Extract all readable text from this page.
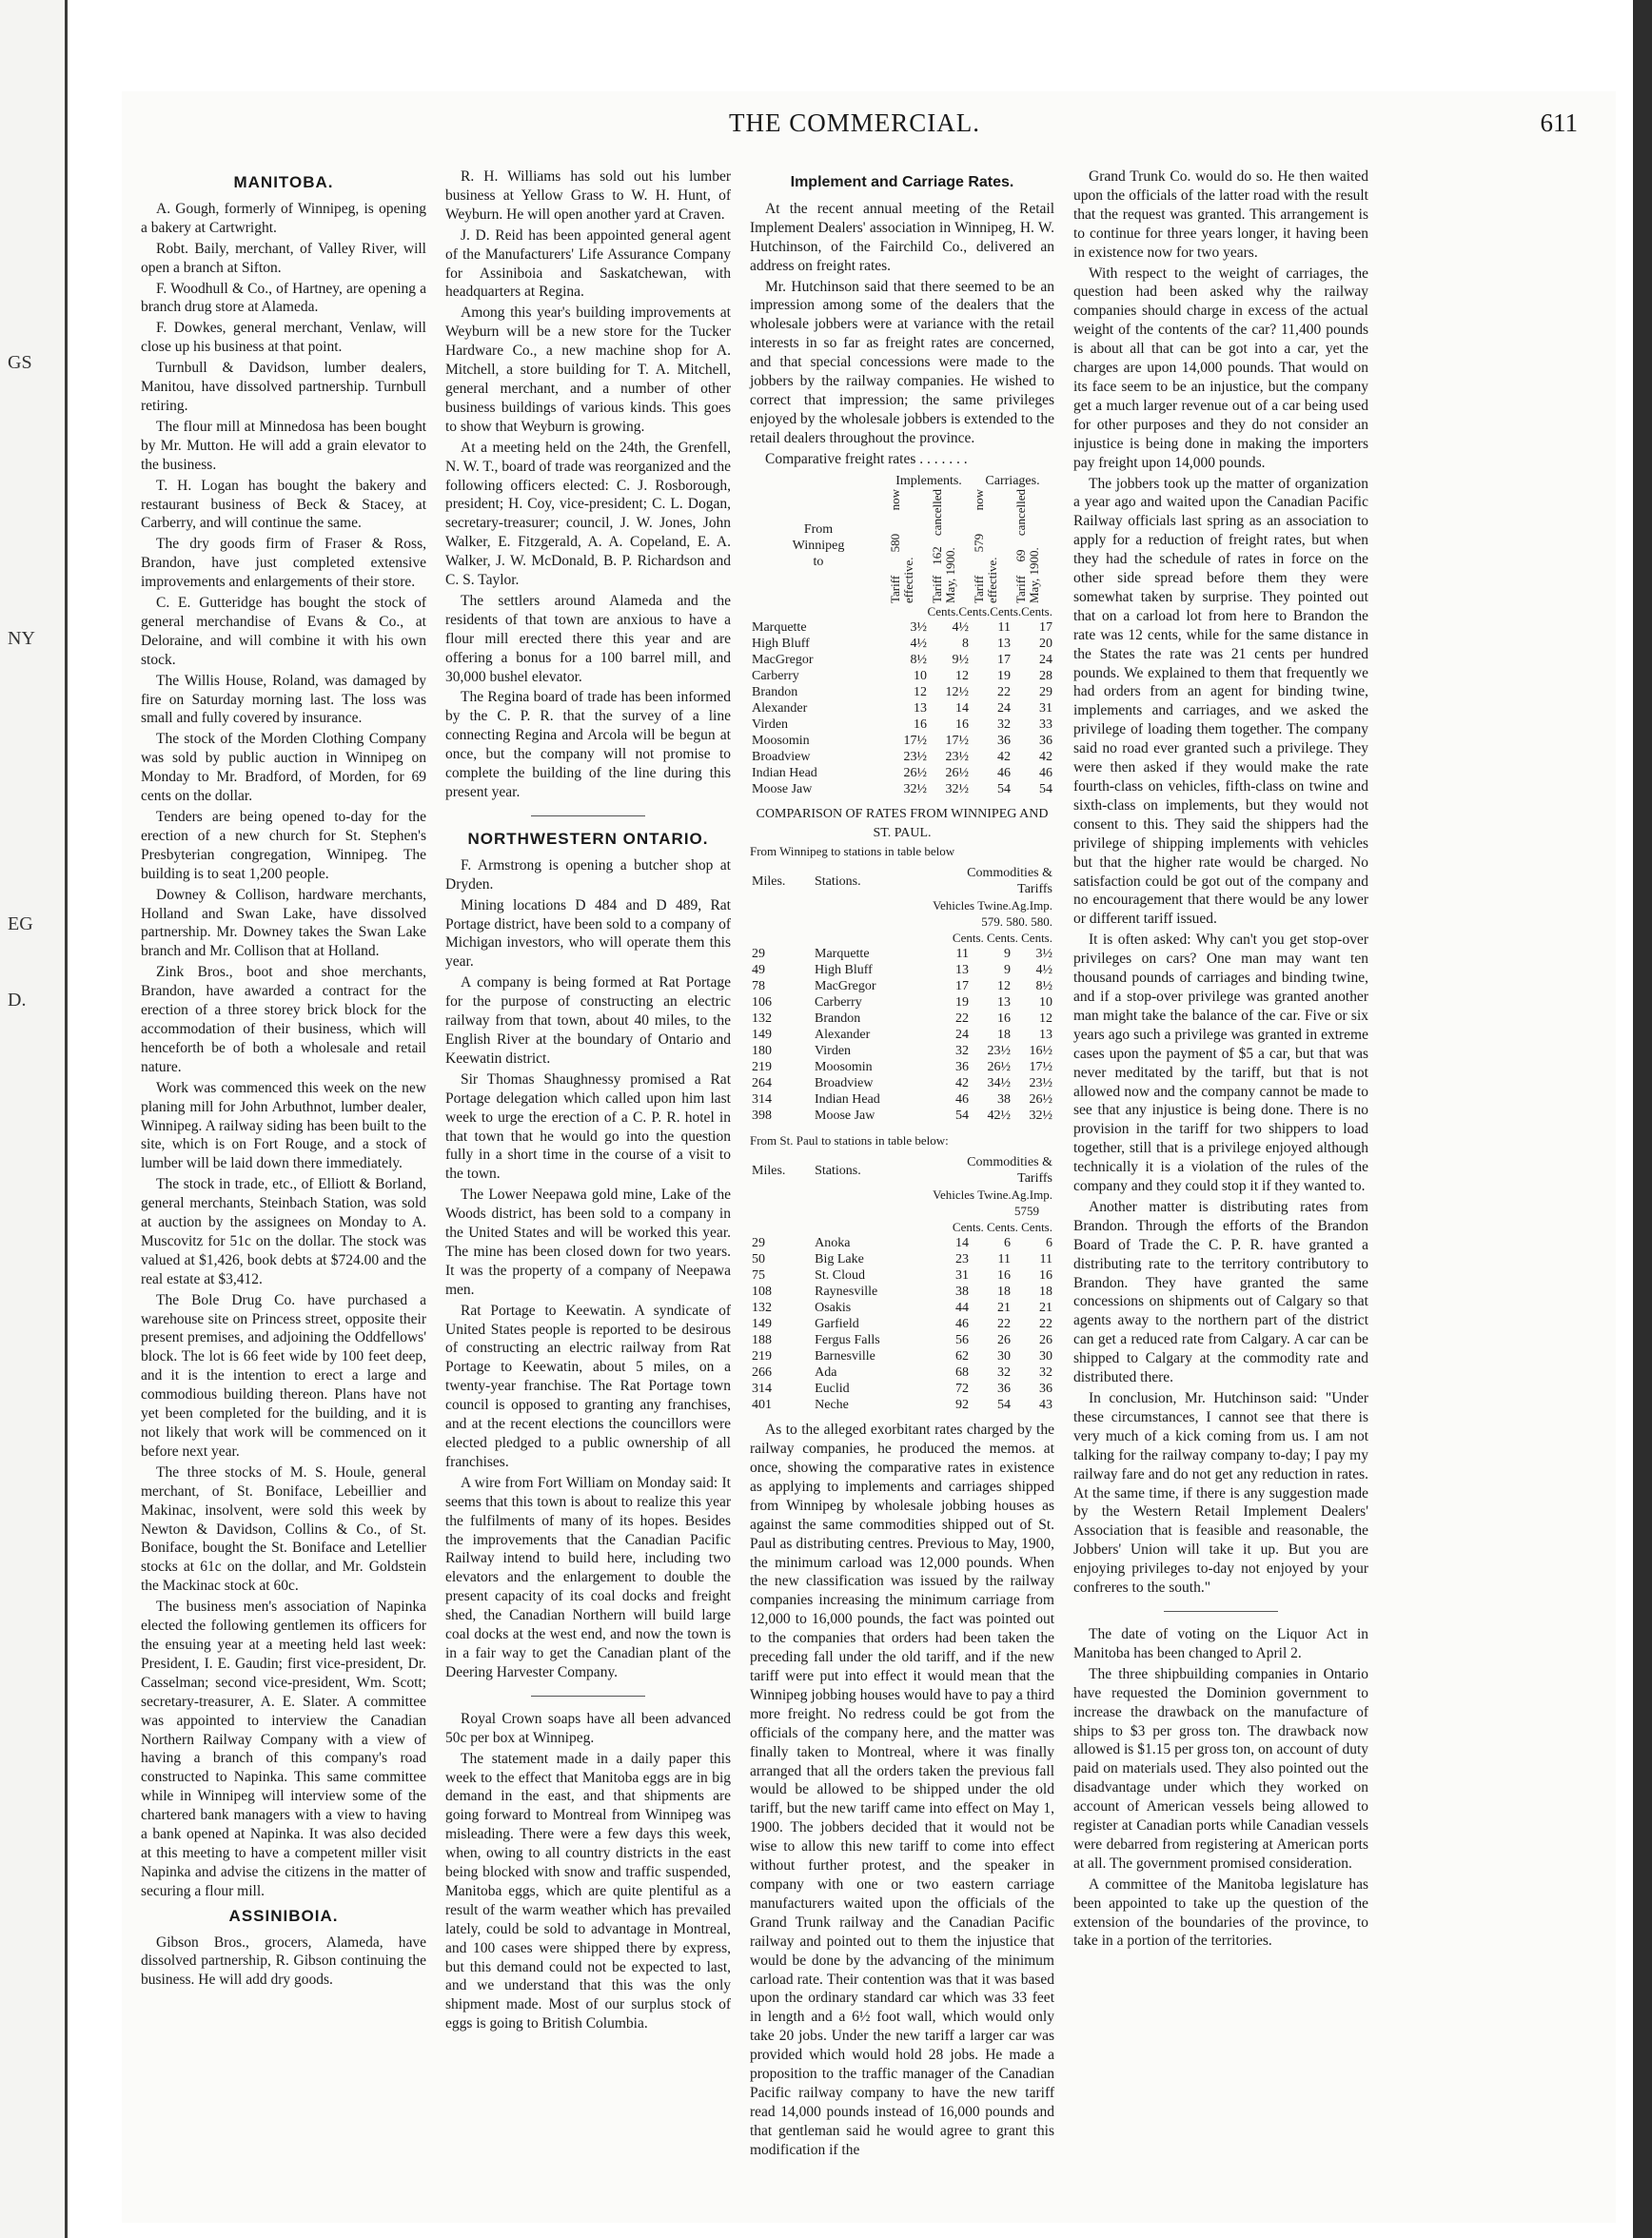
GS
NY
EG
D.
THE COMMERCIAL.	611
MANITOBA.

A. Gough, formerly of Winnipeg, is opening a bakery at Cartwright.

Robt. Baily, merchant, of Valley River, will open a branch at Sifton.

F. Woodhull & Co., of Hartney, are opening a branch drug store at Alameda.

F. Dowkes, general merchant, Venlaw, will close up his business at that point.

Turnbull & Davidson, lumber dealers, Manitou, have dissolved partnership. Turnbull retiring.

The flour mill at Minnedosa has been bought by Mr. Mutton. He will add a grain elevator to the business.

T. H. Logan has bought the bakery and restaurant business of Beck & Stacey, at Carberry, and will continue the same.

The dry goods firm of Fraser & Ross, Brandon, have just completed extensive improvements and enlargements of their store.

C. E. Gutteridge has bought the stock of general merchandise of Evans & Co., at Deloraine, and will combine it with his own stock.

The Willis House, Roland, was damaged by fire on Saturday morning last. The loss was small and fully covered by insurance.

The stock of the Morden Clothing Company was sold by public auction in Winnipeg on Monday to Mr. Bradford, of Morden, for 69 cents on the dollar.

Tenders are being opened to-day for the erection of a new church for St. Stephen's Presbyterian congregation, Winnipeg. The building is to seat 1,200 people.

Downey & Collison, hardware merchants, Holland and Swan Lake, have dissolved partnership. Mr. Downey takes the Swan Lake branch and Mr. Collison that at Holland.

Zink Bros., boot and shoe merchants, Brandon, have awarded a contract for the erection of a three storey brick block for the accommodation of their business, which will henceforth be of both a wholesale and retail nature.

Work was commenced this week on the new planing mill for John Arbuthnot, lumber dealer, Winnipeg. A railway siding has been built to the site, which is on Fort Rouge, and a stock of lumber will be laid down there immediately.

The stock in trade, etc., of Elliott & Borland, general merchants, Steinbach Station, was sold at auction by the assignees on Monday to A. Muscovitz for 51c on the dollar. The stock was valued at $1,426, book debts at $724.00 and the real estate at $3,412.

The Bole Drug Co. have purchased a warehouse site on Princess street, opposite their present premises, and adjoining the Oddfellows' block. The lot is 66 feet wide by 100 feet deep, and it is the intention to erect a large and commodious building thereon. Plans have not yet been completed for the building, and it is not likely that work will be commenced on it before next year.

The three stocks of M. S. Houle, general merchant, of St. Boniface, Lebeillier and Makinac, insolvent, were sold this week by Newton & Davidson, Collins & Co., of St. Boniface, bought the St. Boniface and Letellier stocks at 61c on the dollar, and Mr. Goldstein the Mackinac stock at 60c.

The business men's association of Napinka elected the following gentlemen its officers for the ensuing year at a meeting held last week: President, I. E. Gaudin; first vice-president, Dr. Casselman; second vice-president, Wm. Scott; secretary-treasurer, A. E. Slater. A committee was appointed to interview the Canadian Northern Railway Company with a view of having a branch of this company's road constructed to Napinka. This same committee while in Winnipeg will interview some of the chartered bank managers with a view to having a bank opened at Napinka. It was also decided at this meeting to have a competent miller visit Napinka and advise the citizens in the matter of securing a flour mill.

ASSINIBOIA.

Gibson Bros., grocers, Alameda, have dissolved partnership, R. Gibson continuing the business. He will add dry goods.

R. H. Williams has sold out his lumber business at Yellow Grass to W. H. Hunt, of Weyburn. He will open another yard at Craven.

J. D. Reid has been appointed general agent of the Manufacturers' Life Assurance Company for Assiniboia and Saskatchewan, with headquarters at Regina.

Among this year's building improvements at Weyburn will be a new store for the Tucker Hardware Co., a new machine shop for A. Mitchell, a store building for T. A. Mitchell, general merchant, and a number of other business buildings of various kinds. This goes to show that Weyburn is growing.

At a meeting held on the 24th, the Grenfell, N. W. T., board of trade was reorganized and the following officers elected: C. J. Rosborough, president; H. Coy, vice-president; C. L. Dogan, secretary-treasurer; council, J. W. Jones, John Walker, E. Fitzgerald, A. A. Copeland, E. A. Walker, J. W. McDonald, B. P. Richardson and C. S. Taylor.

The settlers around Alameda and the residents of that town are anxious to have a flour mill erected there this year and are offering a bonus for a 100 barrel mill, and 30,000 bushel elevator.

The Regina board of trade has been informed by the C. P. R. that the survey of a line connecting Regina and Arcola will be begun at once, but the company will not promise to complete the building of the line during this present year.

NORTHWESTERN ONTARIO.

F. Armstrong is opening a butcher shop at Dryden.

Mining locations D 484 and D 489, Rat Portage district, have been sold to a company of Michigan investors, who will operate them this year.

A company is being formed at Rat Portage for the purpose of constructing an electric railway from that town, about 40 miles, to the English River at the boundary of Ontario and Keewatin district.

Sir Thomas Shaughnessy promised a Rat Portage delegation which called upon him last week to urge the erection of a C. P. R. hotel in that town that he would go into the question fully in a short time in the course of a visit to the town.

The Lower Neepawa gold mine, Lake of the Woods district, has been sold to a company in the United States and will be worked this year. The mine has been closed down for two years. It was the property of a company of Neepawa men.

Rat Portage to Keewatin. A syndicate of United States people is reported to be desirous of constructing an electric railway from Rat Portage to Keewatin, about 5 miles, on a twenty-year franchise. The Rat Portage town council is opposed to granting any franchises, and at the recent elections the councillors were elected pledged to a public ownership of all franchises.

A wire from Fort William on Monday said: It seems that this town is about to realize this year the fulfilments of many of its hopes. Besides the improvements that the Canadian Pacific Railway intend to build here, including two elevators and the enlargement to double the present capacity of its coal docks and freight shed, the Canadian Northern will build large coal docks at the west end, and now the town is in a fair way to get the Canadian plant of the Deering Harvester Company.

Royal Crown soaps have all been advanced 50c per box at Winnipeg.

The statement made in a daily paper this week to the effect that Manitoba eggs are in big demand in the east, and that shipments are going forward to Montreal from Winnipeg was misleading. There were a few days this week, when, owing to all country districts in the east being blocked with snow and traffic suspended, Manitoba eggs, which are quite plentiful as a result of the warm weather which has prevailed lately, could be sold to advantage in Montreal, and 100 cases were shipped there by express, but this demand could not be expected to last, and we understand that this was the only shipment made. Most of our surplus stock of eggs is going to British Columbia.

Implement and Carriage Rates.

At the recent annual meeting of the Retail Implement Dealers' association in Winnipeg, H. W. Hutchinson, of the Fairchild Co., delivered an address on freight rates.

Mr. Hutchinson said that there seemed to be an impression among some of the dealers that the wholesale jobbers were at variance with the retail interests in so far as freight rates are concerned, and that special concessions were made to the jobbers by the railway companies. He wished to correct that impression; the same privileges enjoyed by the wholesale jobbers is extended to the retail dealers throughout the province.

Comparative freight rates . . . . . . .

	Implements.		Carriages.	

From
Winnipeg
to	Tariff 580 now effective.	Tariff 162 cancelled May, 1900.	Tariff 579 now effective.	Tariff 69 cancelled May, 1900.

	Cents.Cents.Cents.Cents.			
Marquette	3½	4½	11	17
High Bluff	4½	8	13	20
MacGregor	8½	9½	17	24
Carberry	10	12	19	28
Brandon	12	12½	22	29
Alexander	13	14	24	31
Virden	16	16	32	33
Moosomin	17½	17½	36	36
Broadview	23½	23½	42	42
Indian Head	26½	26½	46	46
Moose Jaw	32½	32½	54	54
COMPARISON OF RATES FROM WINNIPEG AND ST. PAUL.
From Winnipeg to stations in table below
Miles.	Stations.	Commodities & Tariffs		
		Vehicles Twine.Ag.Imp.		
		579. 580. 580.		
		Cents. Cents. Cents.		
29	Marquette	11	9	3½
49	High Bluff	13	9	4½
78	MacGregor	17	12	8½
106	Carberry	19	13	10
132	Brandon	22	16	12
149	Alexander	24	18	13
180	Virden	32	23½	16½
219	Moosomin	36	26½	17½
264	Broadview	42	34½	23½
314	Indian Head	46	38	26½
398	Moose Jaw	54	42½	32½
From St. Paul to stations in table below:
Miles.	Stations.	Commodities & Tariffs		
		Vehicles Twine.Ag.Imp.		
		5759		
		Cents. Cents. Cents.		
29	Anoka	14	6	6
50	Big Lake	23	11	11
75	St. Cloud	31	16	16
108	Raynesville	38	18	18
132	Osakis	44	21	21
149	Garfield	46	22	22
188	Fergus Falls	56	26	26
219	Barnesville	62	30	30
266	Ada	68	32	32
314	Euclid	72	36	36
401	Neche	92	54	43

As to the alleged exorbitant rates charged by the railway companies, he produced the memos. at once, showing the comparative rates in existence as applying to implements and carriages shipped from Winnipeg by wholesale jobbing houses as against the same commodities shipped out of St. Paul as distributing centres. Previous to May, 1900, the minimum carload was 12,000 pounds. When the new classification was issued by the railway companies increasing the minimum carriage from 12,000 to 16,000 pounds, the fact was pointed out to the companies that orders had been taken the preceding fall under the old tariff, and if the new tariff were put into effect it would mean that the Winnipeg jobbing houses would have to pay a third more freight. No redress could be got from the officials of the company here, and the matter was finally taken to Montreal, where it was finally arranged that all the orders taken the previous fall would be allowed to be shipped under the old tariff, but the new tariff came into effect on May 1, 1900. The jobbers decided that it would not be wise to allow this new tariff to come into effect without further protest, and the speaker in company with one or two eastern carriage manufacturers waited upon the officials of the Grand Trunk railway and the Canadian Pacific railway and pointed out to them the injustice that would be done by the advancing of the minimum carload rate. Their contention was that it was based upon the ordinary standard car which was 33 feet in length and a 6½ foot wall, which would only take 20 jobs. Under the new tariff a larger car was provided which would hold 28 jobs. He made a proposition to the traffic manager of the Canadian Pacific railway company to have the new tariff read 14,000 pounds instead of 16,000 pounds and that gentleman said he would agree to grant this modification if the

Grand Trunk Co. would do so. He then waited upon the officials of the latter road with the result that the request was granted. This arrangement is to continue for three years longer, it having been in existence now for two years.

With respect to the weight of carriages, the question had been asked why the railway companies should charge in excess of the actual weight of the contents of the car? 11,400 pounds is about all that can be got into a car, yet the charges are upon 14,000 pounds. That would on its face seem to be an injustice, but the company get a much larger revenue out of a car being used for other purposes and they do not consider an injustice is being done in making the importers pay freight upon 14,000 pounds.

The jobbers took up the matter of organization a year ago and waited upon the Canadian Pacific Railway officials last spring as an association to apply for a reduction of freight rates, but when they had the schedule of rates in force on the other side spread before them they were somewhat taken by surprise. They pointed out that on a carload lot from here to Brandon the rate was 12 cents, while for the same distance in the States the rate was 21 cents per hundred pounds. We explained to them that frequently we had orders from an agent for binding twine, implements and carriages, and we asked the privilege of loading them together. The company said no road ever granted such a privilege. They were then asked if they would make the rate fourth-class on vehicles, fifth-class on twine and sixth-class on implements, but they would not consent to this. They said the shippers had the privilege of shipping implements with vehicles but that the higher rate would be charged. No satisfaction could be got out of the company and no encouragement that there would be any lower or different tariff issued.

It is often asked: Why can't you get stop-over privileges on cars? One man may want ten thousand pounds of carriages and binding twine, and if a stop-over privilege was granted another man might take the balance of the car. Five or six years ago such a privilege was granted in extreme cases upon the payment of $5 a car, but that was never meditated by the tariff, but that is not allowed now and the company cannot be made to see that any injustice is being done. There is no provision in the tariff for two shippers to load together, still that is a privilege enjoyed although technically it is a violation of the rules of the company and they could stop it if they wanted to.

Another matter is distributing rates from Brandon. Through the efforts of the Brandon Board of Trade the C. P. R. have granted a distributing rate to the territory contributory to Brandon. They have granted the same concessions on shipments out of Calgary so that agents away to the northern part of the district can get a reduced rate from Calgary. A car can be shipped to Calgary at the commodity rate and distributed there.

In conclusion, Mr. Hutchinson said: "Under these circumstances, I cannot see that there is very much of a kick coming from us. I am not talking for the railway company to-day; I pay my railway fare and do not get any reduction in rates. At the same time, if there is any suggestion made by the Western Retail Implement Dealers' Association that is feasible and reasonable, the Jobbers' Union will take it up. But you are enjoying privileges to-day not enjoyed by your confreres to the south."

The date of voting on the Liquor Act in Manitoba has been changed to April 2.

The three shipbuilding companies in Ontario have requested the Dominion government to increase the drawback on the manufacture of ships to $3 per gross ton. The drawback now allowed is $1.15 per gross ton, on account of duty paid on materials used. They also pointed out the disadvantage under which they worked on account of American vessels being allowed to register at Canadian ports while Canadian vessels were debarred from registering at American ports at all. The government promised consideration.

A committee of the Manitoba legislature has been appointed to take up the question of the extension of the boundaries of the province, to take in a portion of the territories.
